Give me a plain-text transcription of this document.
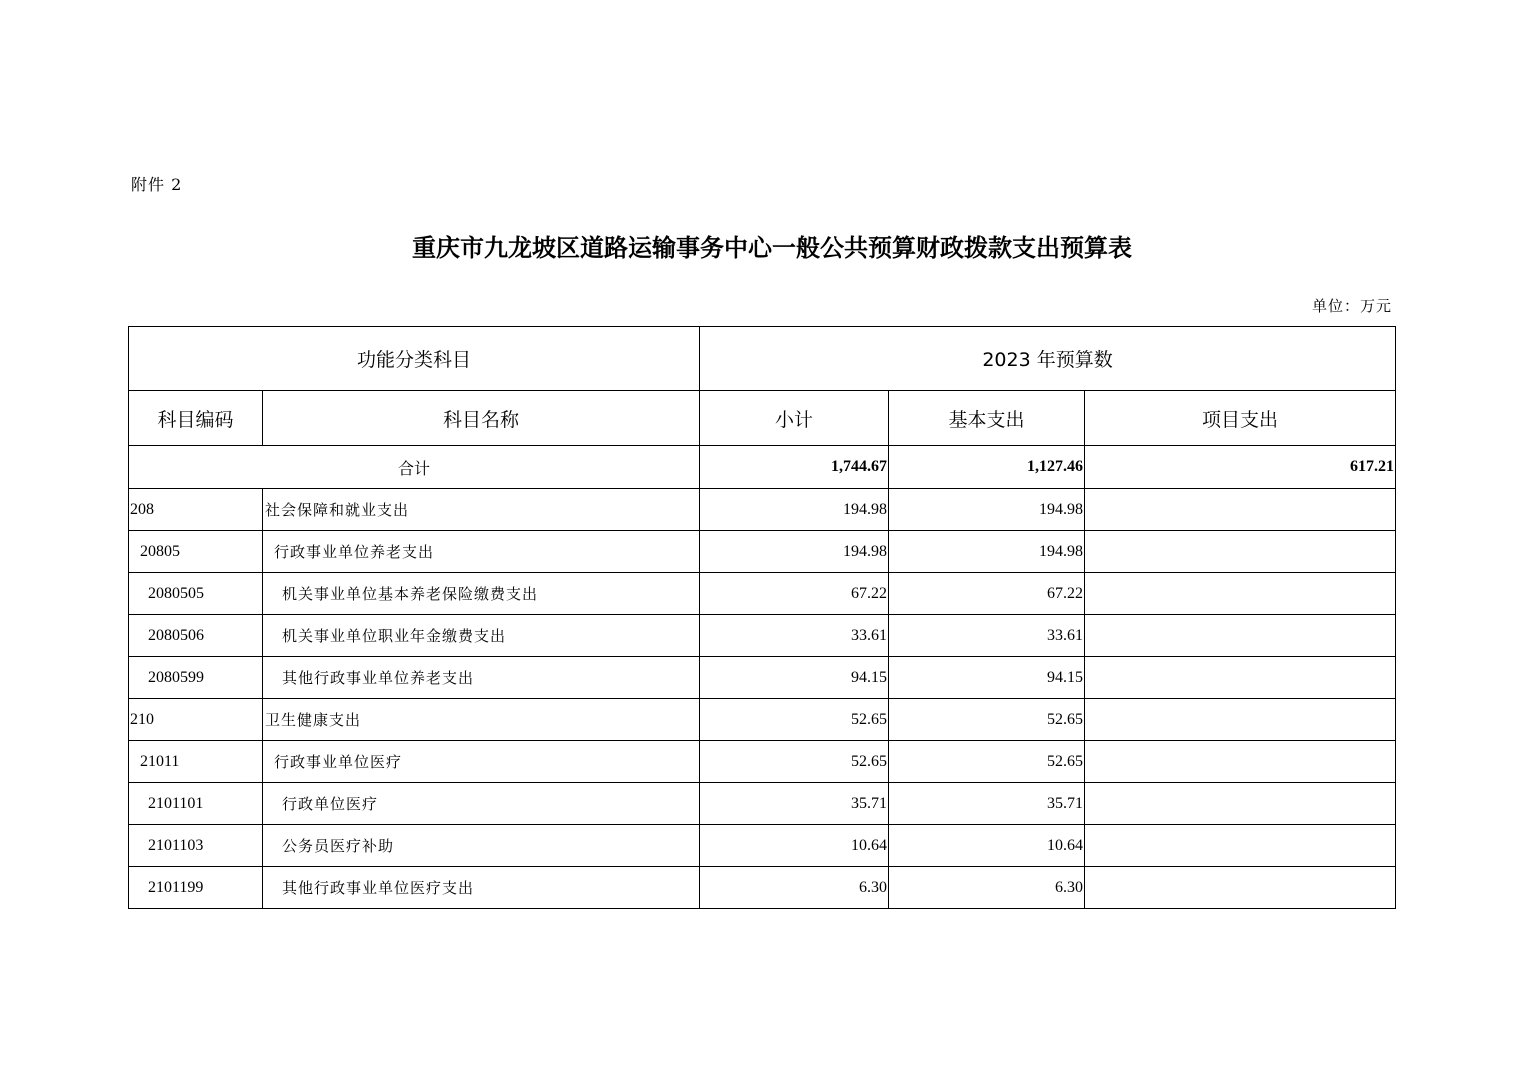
附件 2
重庆市九龙坡区道路运输事务中心一般公共预算财政拨款支出预算表
单位：万元
功能分类科目		2023 年预算数		
科目编码	科目名称	小计	基本支出	项目支出
合计		1,744.67	1,127.46	617.21
208	社会保障和就业支出	194.98	194.98	
20805	行政事业单位养老支出	194.98	194.98	
2080505	机关事业单位基本养老保险缴费支出	67.22	67.22	
2080506	机关事业单位职业年金缴费支出	33.61	33.61	
2080599	其他行政事业单位养老支出	94.15	94.15	
210	卫生健康支出	52.65	52.65	
21011	行政事业单位医疗	52.65	52.65	
2101101	行政单位医疗	35.71	35.71	
2101103	公务员医疗补助	10.64	10.64	
2101199	其他行政事业单位医疗支出	6.30	6.30	
